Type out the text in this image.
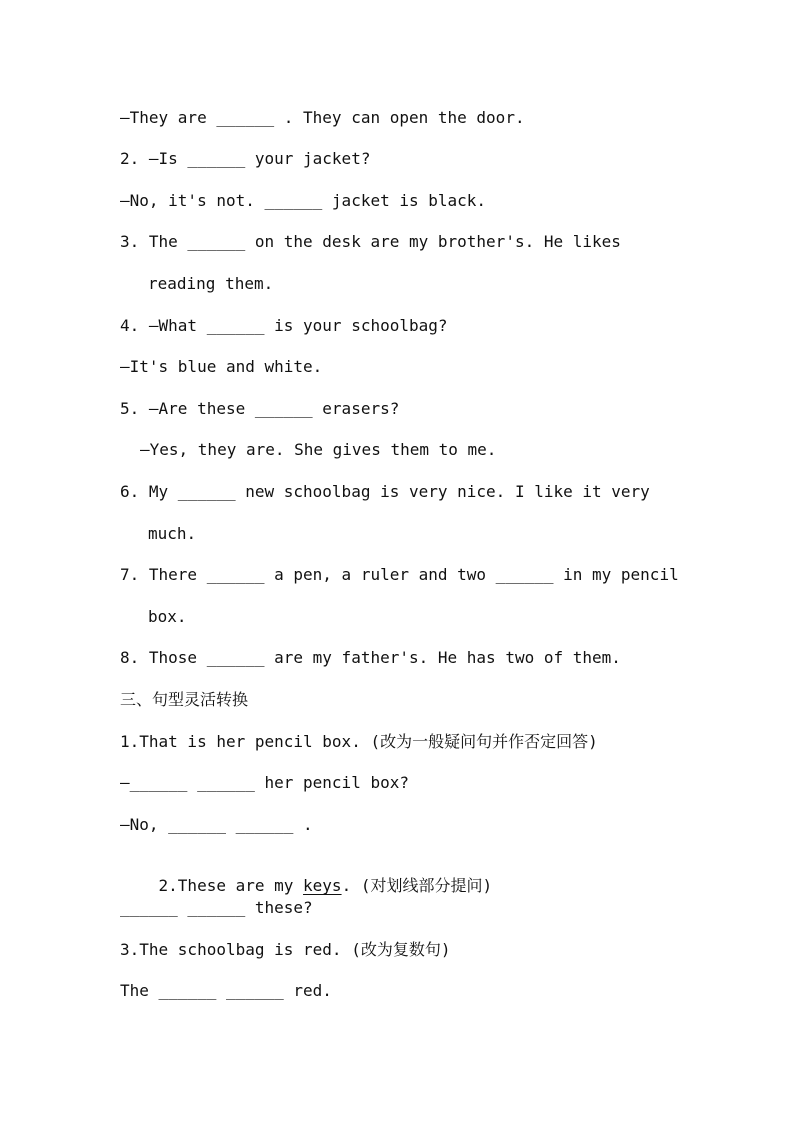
—They are ______ . They can open the door.
2. —Is ______ your jacket?
—No, it's not. ______ jacket is black.
3. The ______ on the desk are my brother's. He likes
reading them.
4. —What ______ is your schoolbag?
—It's blue and white.
5. —Are these ______ erasers?
—Yes, they are. She gives them to me.
6. My ______ new schoolbag is very nice. I like it very
much.
7. There ______ a pen, a ruler and two ______ in my pencil
box.
8. Those ______ are my father's. He has two of them.
三、句型灵活转换
1.That is her pencil box. (改为一般疑问句并作否定回答)
—______ ______ her pencil box?
—No, ______ ______ .

2.These are my keys. (对划线部分提问)

______ ______ these?
3.The schoolbag is red. (改为复数句)
The ______ ______ red.
